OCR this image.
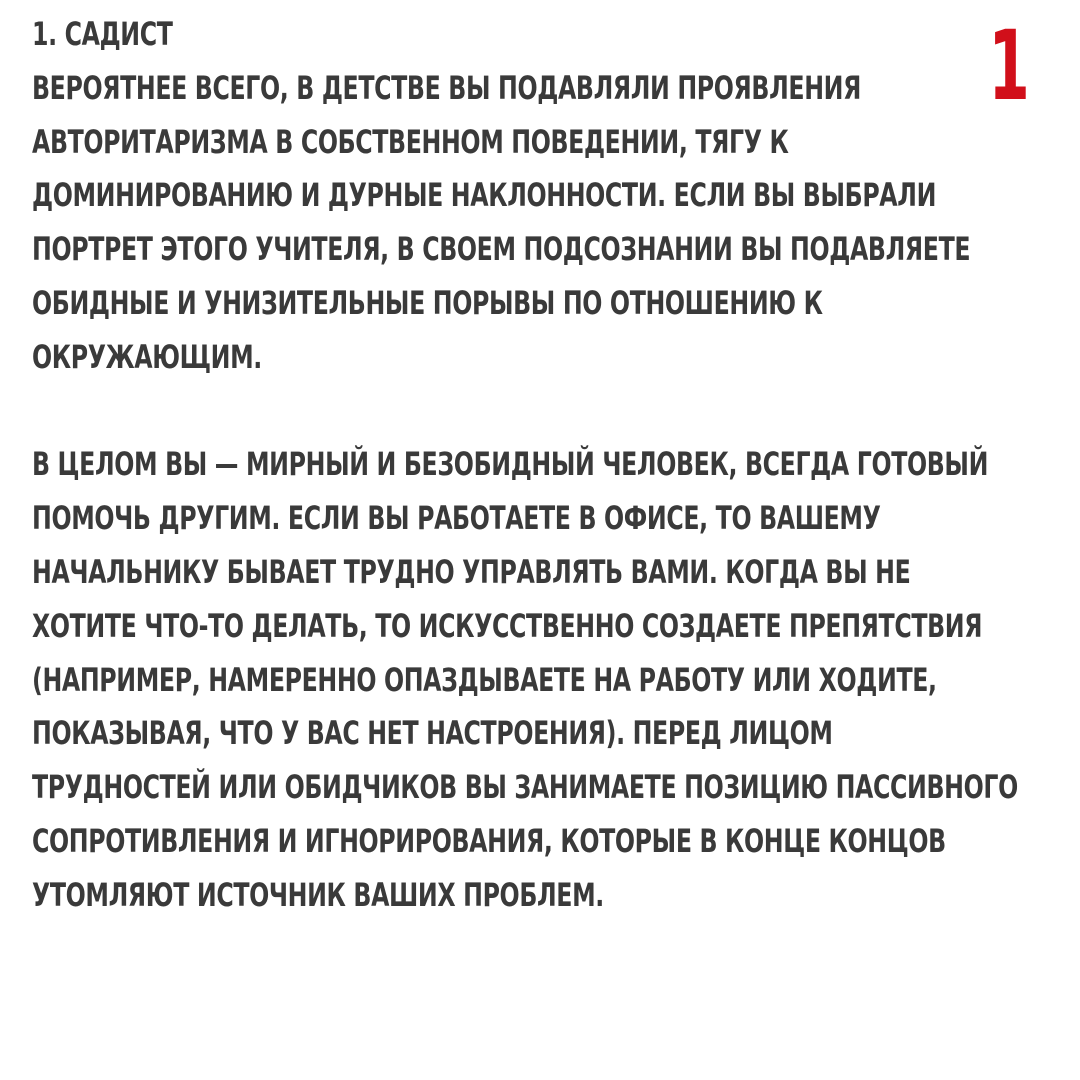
1
1. САДИСТ
ВЕРОЯТНЕЕ ВСЕГО, В ДЕТСТВЕ ВЫ ПОДАВЛЯЛИ ПРОЯВЛЕНИЯ
АВТОРИТАРИЗМА В СОБСТВЕННОМ ПОВЕДЕНИИ, ТЯГУ К
ДОМИНИРОВАНИЮ И ДУРНЫЕ НАКЛОННОСТИ. ЕСЛИ ВЫ ВЫБРАЛИ
ПОРТРЕТ ЭТОГО УЧИТЕЛЯ, В СВОЕМ ПОДСОЗНАНИИ ВЫ ПОДАВЛЯЕТЕ
ОБИДНЫЕ И УНИЗИТЕЛЬНЫЕ ПОРЫВЫ ПО ОТНОШЕНИЮ К
ОКРУЖАЮЩИМ.
В ЦЕЛОМ ВЫ — МИРНЫЙ И БЕЗОБИДНЫЙ ЧЕЛОВЕК, ВСЕГДА ГОТОВЫЙ
ПОМОЧЬ ДРУГИМ. ЕСЛИ ВЫ РАБОТАЕТЕ В ОФИСЕ, ТО ВАШЕМУ
НАЧАЛЬНИКУ БЫВАЕТ ТРУДНО УПРАВЛЯТЬ ВАМИ. КОГДА ВЫ НЕ
ХОТИТЕ ЧТО-ТО ДЕЛАТЬ, ТО ИСКУССТВЕННО СОЗДАЕТЕ ПРЕПЯТСТВИЯ
(НАПРИМЕР, НАМЕРЕННО ОПАЗДЫВАЕТЕ НА РАБОТУ ИЛИ ХОДИТЕ,
ПОКАЗЫВАЯ, ЧТО У ВАС НЕТ НАСТРОЕНИЯ). ПЕРЕД ЛИЦОМ
ТРУДНОСТЕЙ ИЛИ ОБИДЧИКОВ ВЫ ЗАНИМАЕТЕ ПОЗИЦИЮ ПАССИВНОГО
СОПРОТИВЛЕНИЯ И ИГНОРИРОВАНИЯ, КОТОРЫЕ В КОНЦЕ КОНЦОВ
УТОМЛЯЮТ ИСТОЧНИК ВАШИХ ПРОБЛЕМ.
